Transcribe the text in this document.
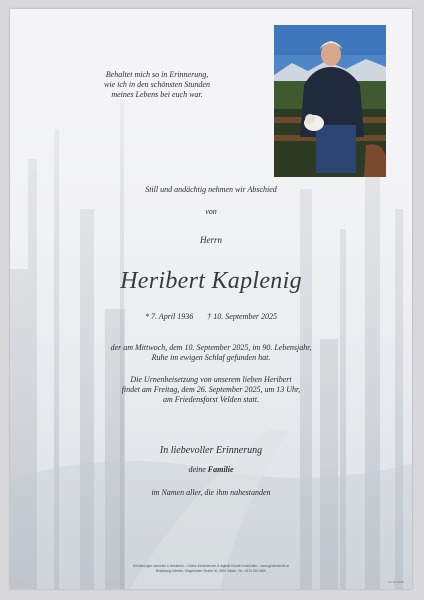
Behaltet mich so in Erinnerung,
wie ich in den schönsten Stunden
meines Lebens bei euch war.
Still und andächtig nehmen wir Abschied
von
Herrn
Heribert Kaplenig
* 7. April 1936 † 10. September 2025
der am Mittwoch, dem 10. September 2025, im 90. Lebensjahr,
Ruhe im ewigen Schlaf gefunden hat.
Die Urnenbeisetzung von unserem lieben Heribert
findet am Freitag, dem 26. September 2025, um 13 Uhr,
am Friedensforst Velden statt.
In liebevoller Erinnerung
deine Familie
im Namen aller, die ihm nahestanden
Erinnerungen sammeln & bewahren – Online-Kondolenzen & digitale Kerzen entzünden – www.gedenkseite.at
Bestattung Kärnten, Klagenfurter Straße 00, 9500 Villach, Tel.: 0376 190 6600
ID-SP 9040
